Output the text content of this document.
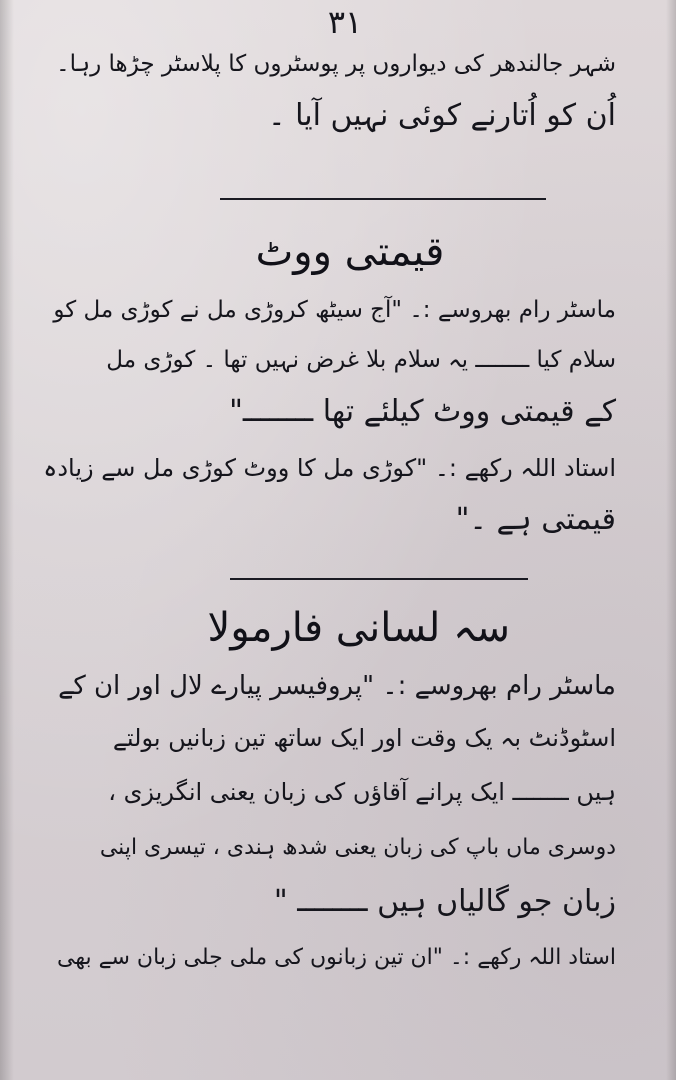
۳۱
شہر جالندھر کی دیواروں پر پوسٹروں کا پلاسٹر چڑھا رہا۔
اُن کو اُتارنے کوئی نہیں آیا ۔
قیمتی ووٹ
ماسٹر رام بھروسے :۔ "آج سیٹھ کروڑی مل نے کوڑی مل کو
سلام کیا ــــــــ یہ سلام بلا غرض نہیں تھا ۔ کوڑی مل
کے قیمتی ووٹ کیلئے تھا ــــــــ"
استاد اللہ رکھے :۔ "کوڑی مل کا ووٹ کوڑی مل سے زیادہ
قیمتی ہے ۔"
سہ لسانی فارمولا
ماسٹر رام بھروسے :۔ "پروفیسر پیارے لال اور ان کے
اسٹوڈنٹ بہ یک وقت اور ایک ساتھ تین زبانیں بولتے
ہیں ــــــــ ایک پرانے آقاؤں کی زبان یعنی انگریزی ،
دوسری ماں باپ کی زبان یعنی شدھ ہندی ، تیسری اپنی
زبان جو گالیاں ہیں ــــــــ "
استاد اللہ رکھے :۔ "ان تین زبانوں کی ملی جلی زبان سے بھی
